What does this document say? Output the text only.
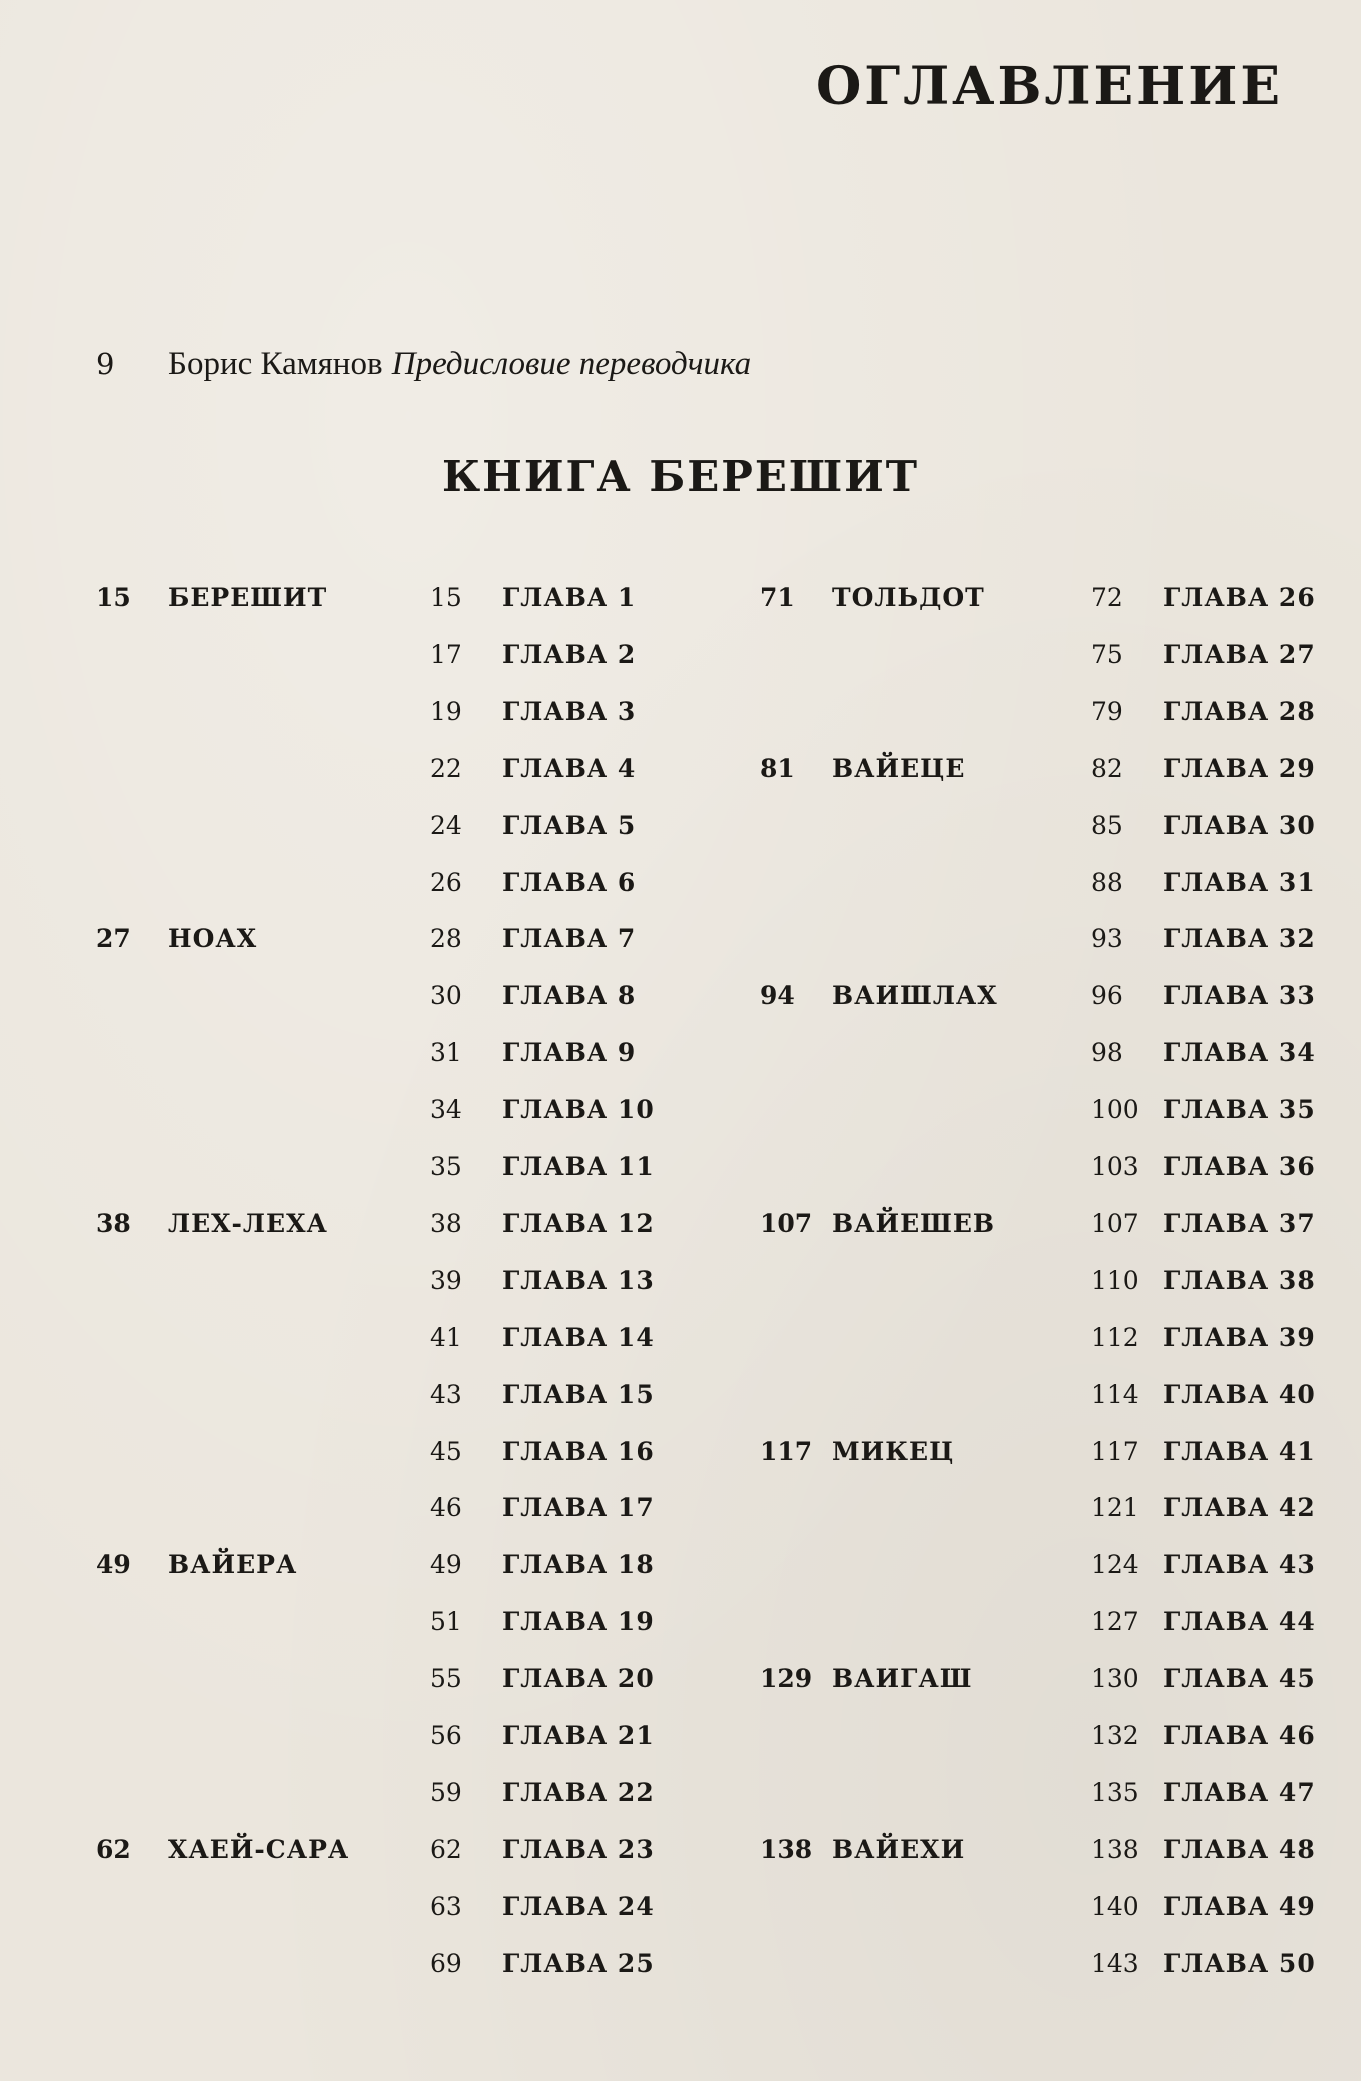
ОГЛАВЛЕНИЕ
9 Борис Камянов Предисловие переводчика
КНИГА БЕРЕШИТ
15 БЕРЕШИТ
27 НОАХ
38 ЛЕХ-ЛЕХА
49 ВАЙЕРА
62 ХАЕЙ-САРА
71 ТОЛЬДОТ
81 ВАЙЕЦЕ
94 ВАИШЛАХ
107 ВАЙЕШЕВ
117 МИКЕЦ
129 ВАИГАШ
138 ВАЙЕХИ
15 ГЛАВА 1
17 ГЛАВА 2
19 ГЛАВА 3
22 ГЛАВА 4
24 ГЛАВА 5
26 ГЛАВА 6
28 ГЛАВА 7
30 ГЛАВА 8
31 ГЛАВА 9
34 ГЛАВА 10
35 ГЛАВА 11
38 ГЛАВА 12
39 ГЛАВА 13
41 ГЛАВА 14
43 ГЛАВА 15
45 ГЛАВА 16
46 ГЛАВА 17
49 ГЛАВА 18
51 ГЛАВА 19
55 ГЛАВА 20
56 ГЛАВА 21
59 ГЛАВА 22
62 ГЛАВА 23
63 ГЛАВА 24
69 ГЛАВА 25
72 ГЛАВА 26
75 ГЛАВА 27
79 ГЛАВА 28
82 ГЛАВА 29
85 ГЛАВА 30
88 ГЛАВА 31
93 ГЛАВА 32
96 ГЛАВА 33
98 ГЛАВА 34
100 ГЛАВА 35
103 ГЛАВА 36
107 ГЛАВА 37
110 ГЛАВА 38
112 ГЛАВА 39
114 ГЛАВА 40
117 ГЛАВА 41
121 ГЛАВА 42
124 ГЛАВА 43
127 ГЛАВА 44
130 ГЛАВА 45
132 ГЛАВА 46
135 ГЛАВА 47
138 ГЛАВА 48
140 ГЛАВА 49
143 ГЛАВА 50
